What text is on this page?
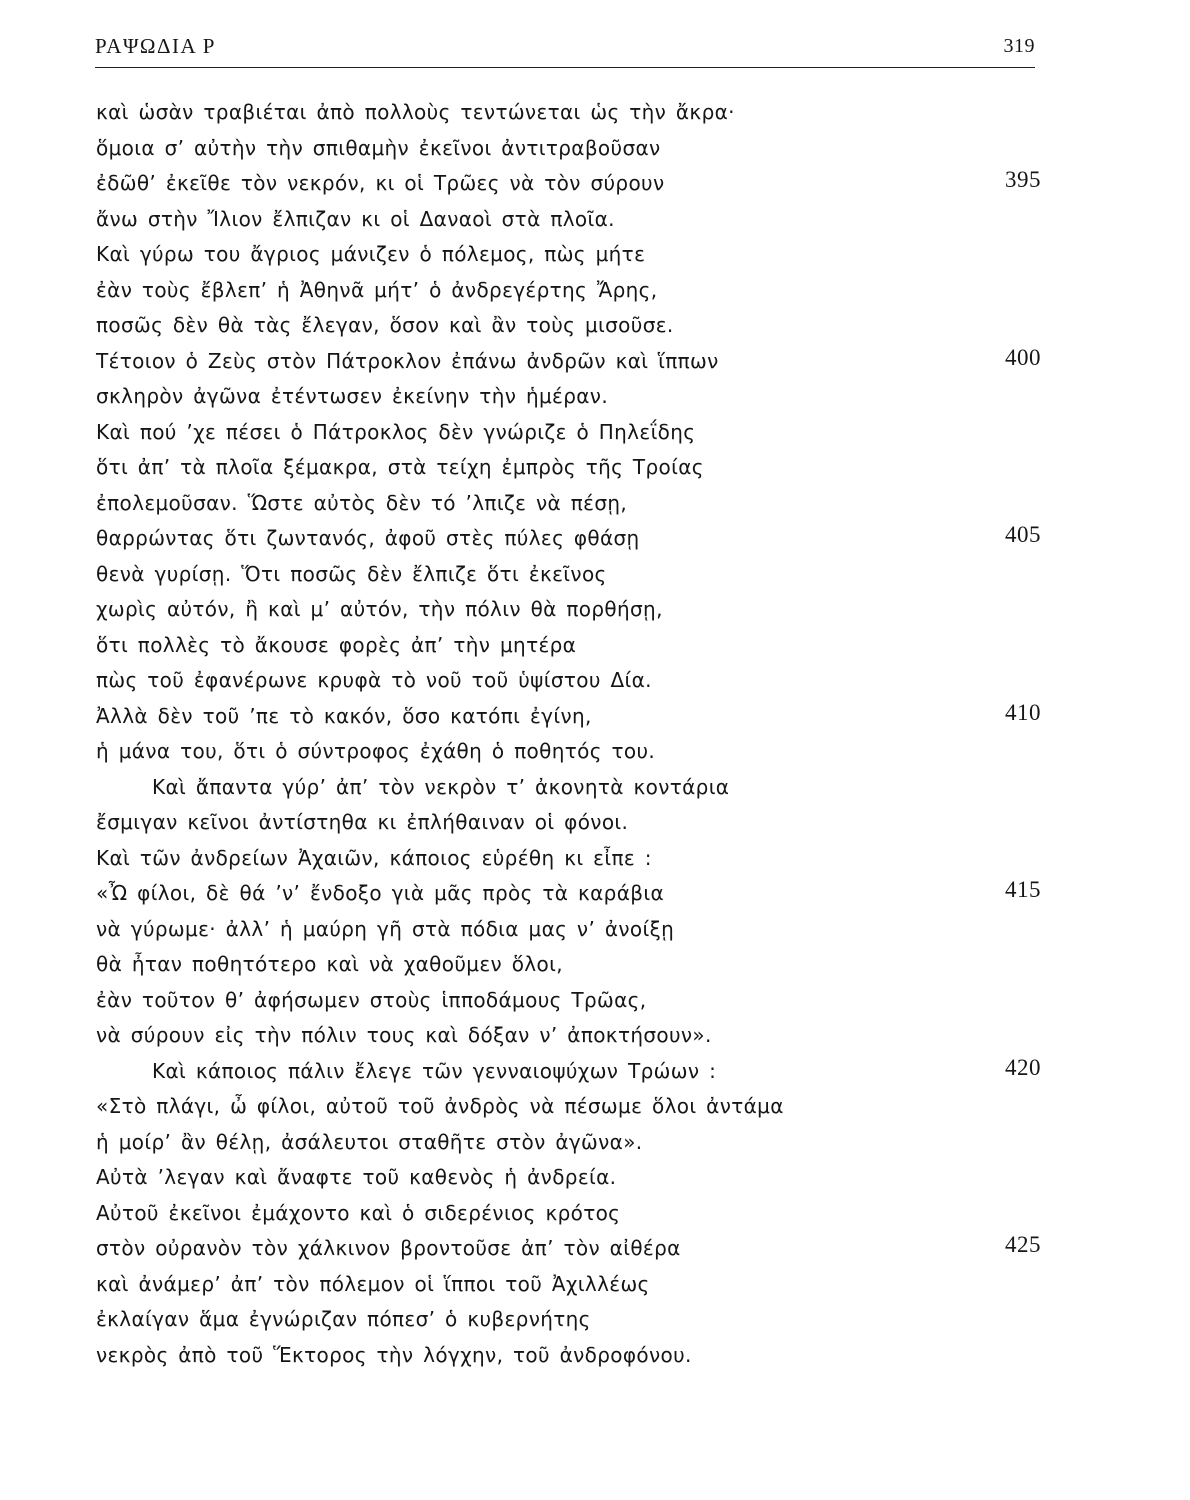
ΡΑΨΩΔΙΑ Ρ	319
καὶ ὡσὰν τραβιέται ἀπὸ πολλοὺς τεντώνεται ὡς τὴν ἄκρα·
ὅμοια σ’ αὐτὴν τὴν σπιθαμὴν ἐκεῖνοι ἀντιτραβοῦσαν
ἐδῶθ’ ἐκεῖθε τὸν νεκρόν, κι οἱ Τρῶες νὰ τὸν σύρουν	395
ἄνω στὴν Ἴλιον ἔλπιζαν κι οἱ Δαναοὶ στὰ πλοῖα.
Καὶ γύρω του ἄγριος μάνιζεν ὁ πόλεμος, πὼς μήτε
ἐὰν τοὺς ἔβλεπ’ ἡ Ἀθηνᾶ μήτ’ ὁ ἀνδρεγέρτης Ἄρης,
ποσῶς δὲν θὰ τὰς ἔλεγαν, ὅσον καὶ ἂν τοὺς μισοῦσε.
Τέτοιον ὁ Ζεὺς στὸν Πάτροκλον ἐπάνω ἀνδρῶν καὶ ἵππων	400
σκληρὸν ἀγῶνα ἐτέντωσεν ἐκείνην τὴν ἡμέραν.
Καὶ πού ’χε πέσει ὁ Πάτροκλος δὲν γνώριζε ὁ Πηλεΐδης
ὅτι ἀπ’ τὰ πλοῖα ξέμακρα, στὰ τείχη ἐμπρὸς τῆς Τροίας
ἐπολεμοῦσαν. Ὥστε αὐτὸς δὲν τό ’λπιζε νὰ πέσῃ,
θαρρώντας ὅτι ζωντανός, ἀφοῦ στὲς πύλες φθάσῃ	405
θενὰ γυρίσῃ. Ὅτι ποσῶς δὲν ἔλπιζε ὅτι ἐκεῖνος
χωρὶς αὐτόν, ἢ καὶ μ’ αὐτόν, τὴν πόλιν θὰ πορθήσῃ,
ὅτι πολλὲς τὸ ἄκουσε φορὲς ἀπ’ τὴν μητέρα
πὼς τοῦ ἐφανέρωνε κρυφὰ τὸ νοῦ τοῦ ὑψίστου Δία.
Ἀλλὰ δὲν τοῦ ’πε τὸ κακόν, ὅσο κατόπι ἐγίνη,	410
ἡ μάνα του, ὅτι ὁ σύντροφος ἐχάθη ὁ ποθητός του.
Καὶ ἄπαντα γύρ’ ἀπ’ τὸν νεκρὸν τ’ ἀκονητὰ κοντάρια
ἔσμιγαν κεῖνοι ἀντίστηθα κι ἐπλήθαιναν οἱ φόνοι.
Καὶ τῶν ἀνδρείων Ἀχαιῶν, κάποιος εὑρέθη κι εἶπε :
«Ὦ φίλοι, δὲ θά ’ν’ ἔνδοξο γιὰ μᾶς πρὸς τὰ καράβια	415
νὰ γύρωμε· ἀλλ’ ἡ μαύρη γῆ στὰ πόδια μας ν’ ἀνοίξῃ
θὰ ἦταν ποθητότερο καὶ νὰ χαθοῦμεν ὅλοι,
ἐὰν τοῦτον θ’ ἀφήσωμεν στοὺς ἱπποδάμους Τρῶας,
νὰ σύρουν εἰς τὴν πόλιν τους καὶ δόξαν ν’ ἀποκτήσουν».
Καὶ κάποιος πάλιν ἔλεγε τῶν γενναιοψύχων Τρώων :	420
«Στὸ πλάγι, ὦ φίλοι, αὐτοῦ τοῦ ἀνδρὸς νὰ πέσωμε ὅλοι ἀντάμα
ἡ μοίρ’ ἂν θέλῃ, ἀσάλευτοι σταθῆτε στὸν ἀγῶνα».
Αὐτὰ ’λεγαν καὶ ἄναφτε τοῦ καθενὸς ἡ ἀνδρεία.
Αὐτοῦ ἐκεῖνοι ἐμάχοντο καὶ ὁ σιδερένιος κρότος
στὸν οὐρανὸν τὸν χάλκινον βροντοῦσε ἀπ’ τὸν αἰθέρα	425
καὶ ἀνάμερ’ ἀπ’ τὸν πόλεμον οἱ ἵπποι τοῦ Ἀχιλλέως
ἐκλαίγαν ἅμα ἐγνώριζαν πόπεσ’ ὁ κυβερνήτης
νεκρὸς ἀπὸ τοῦ Ἕκτορος τὴν λόγχην, τοῦ ἀνδροφόνου.
